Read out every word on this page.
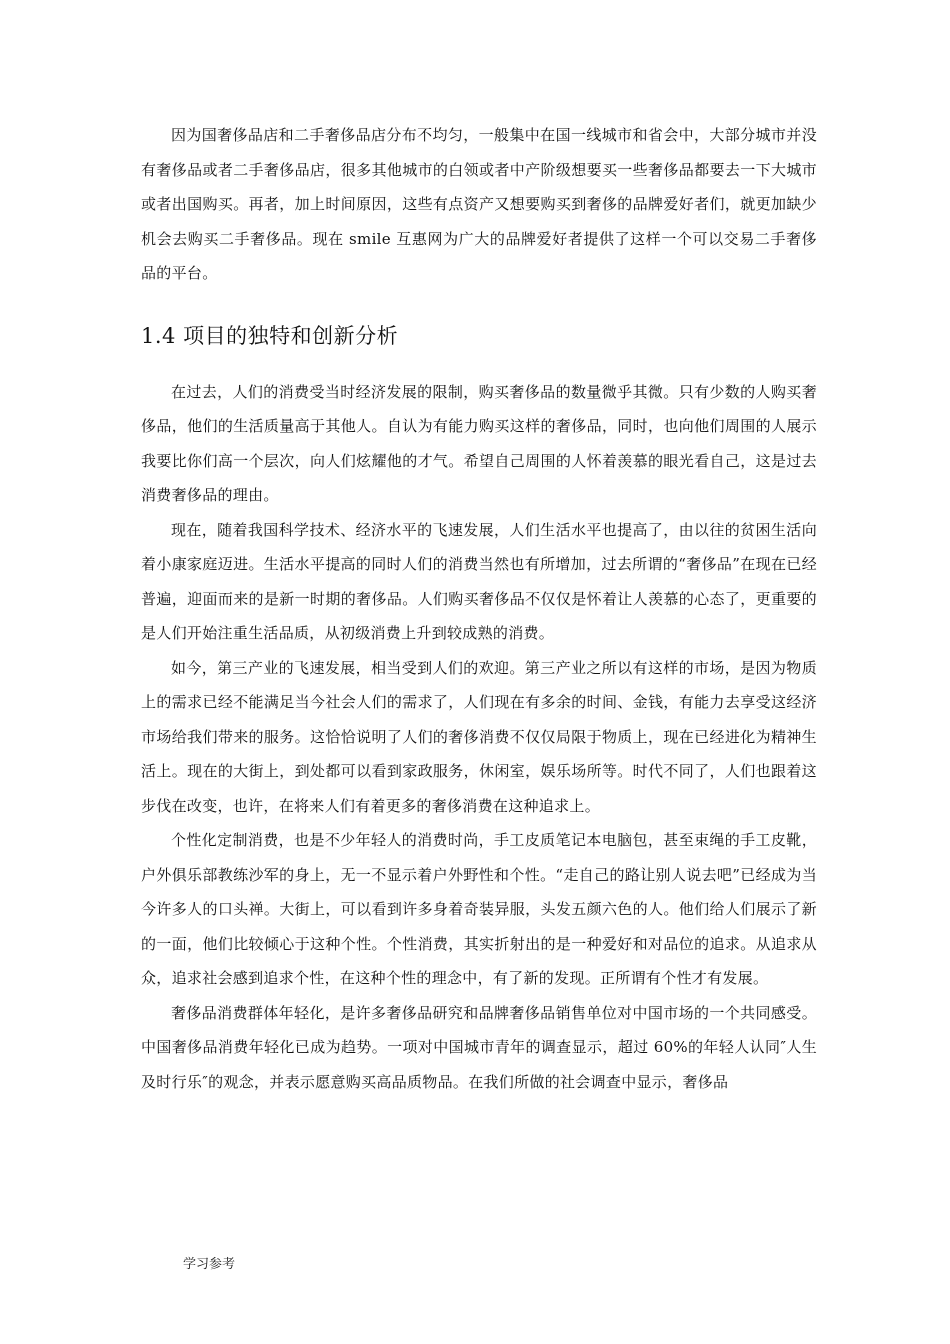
因为国奢侈品店和二手奢侈品店分布不均匀，一般集中在国一线城市和省会中，大部分城市并没有奢侈品或者二手奢侈品店，很多其他城市的白领或者中产阶级想要买一些奢侈品都要去一下大城市或者出国购买。再者，加上时间原因，这些有点资产又想要购买到奢侈的品牌爱好者们，就更加缺少机会去购买二手奢侈品。现在 smile 互惠网为广大的品牌爱好者提供了这样一个可以交易二手奢侈品的平台。

1.4 项目的独特和创新分析

在过去，人们的消费受当时经济发展的限制，购买奢侈品的数量微乎其微。只有少数的人购买奢侈品，他们的生活质量高于其他人。自认为有能力购买这样的奢侈品，同时，也向他们周围的人展示我要比你们高一个层次，向人们炫耀他的才气。希望自己周围的人怀着羡慕的眼光看自己，这是过去消费奢侈品的理由。

现在，随着我国科学技术、经济水平的飞速发展，人们生活水平也提高了，由以往的贫困生活向着小康家庭迈进。生活水平提高的同时人们的消费当然也有所增加，过去所谓的“奢侈品”在现在已经普遍，迎面而来的是新一时期的奢侈品。人们购买奢侈品不仅仅是怀着让人羡慕的心态了，更重要的是人们开始注重生活品质，从初级消费上升到较成熟的消费。

如今，第三产业的飞速发展，相当受到人们的欢迎。第三产业之所以有这样的市场，是因为物质上的需求已经不能满足当今社会人们的需求了，人们现在有多余的时间、金钱，有能力去享受这经济市场给我们带来的服务。这恰恰说明了人们的奢侈消费不仅仅局限于物质上，现在已经进化为精神生活上。现在的大街上，到处都可以看到家政服务，休闲室，娱乐场所等。时代不同了，人们也跟着这步伐在改变，也许，在将来人们有着更多的奢侈消费在这种追求上。

个性化定制消费，也是不少年轻人的消费时尚，手工皮质笔记本电脑包，甚至束绳的手工皮靴，户外俱乐部教练沙军的身上，无一不显示着户外野性和个性。“走自己的路让别人说去吧”已经成为当今许多人的口头禅。大街上，可以看到许多身着奇装异服，头发五颜六色的人。他们给人们展示了新的一面，他们比较倾心于这种个性。个性消费，其实折射出的是一种爱好和对品位的追求。从追求从众，追求社会感到追求个性，在这种个性的理念中，有了新的发现。正所谓有个性才有发展。

奢侈品消费群体年轻化，是许多奢侈品研究和品牌奢侈品销售单位对中国市场的一个共同感受。中国奢侈品消费年轻化已成为趋势。一项对中国城市青年的调查显示，超过 60%的年轻人认同″人生及时行乐″的观念，并表示愿意购买高品质物品。在我们所做的社会调查中显示，奢侈品

学习参考
